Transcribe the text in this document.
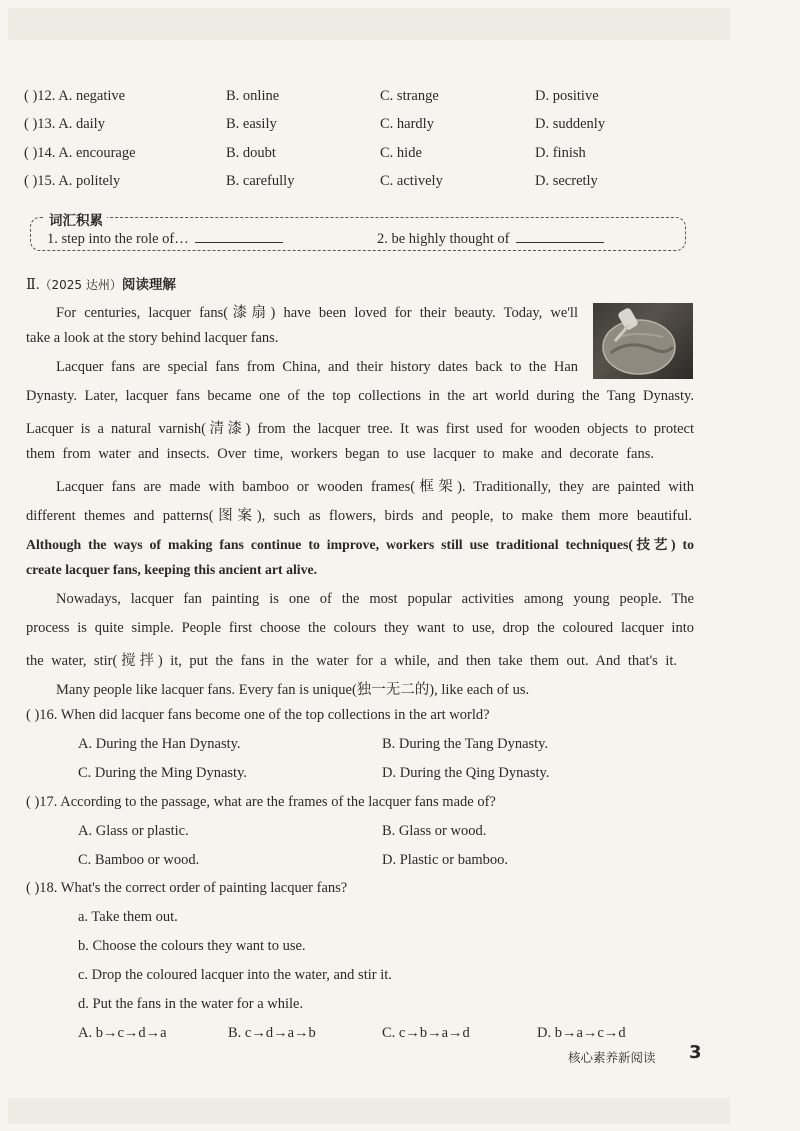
( )12. A. negative	B. online	C. strange	D. positive
( )13. A. daily	B. easily	C. hardly	D. suddenly
( )14. A. encourage	B. doubt	C. hide	D. finish
( )15. A. politely	B. carefully	C. actively	D. secretly
词汇积累
1. step into the role of…	2. be highly thought of
Ⅱ.（2025 达州）阅读理解
For centuries, lacquer fans(漆扇) have been loved for their beauty. Today, we'll
take a look at the story behind lacquer fans.
Lacquer fans are special fans from China, and their history dates back to the Han
Dynasty. Later, lacquer fans became one of the top collections in the art world during the Tang Dynasty.
Lacquer is a natural varnish(清漆) from the lacquer tree. It was first used for wooden objects to protect
them from water and insects. Over time, workers began to use lacquer to make and decorate fans.
Lacquer fans are made with bamboo or wooden frames(框架). Traditionally, they are painted with
different themes and patterns(图案), such as flowers, birds and people, to make them more beautiful.
Although the ways of making fans continue to improve, workers still use traditional techniques(技艺) to
create lacquer fans, keeping this ancient art alive.
Nowadays, lacquer fan painting is one of the most popular activities among young people. The
process is quite simple. People first choose the colours they want to use, drop the coloured lacquer into
the water, stir(搅拌) it, put the fans in the water for a while, and then take them out. And that's it.
Many people like lacquer fans. Every fan is unique(独一无二的), like each of us.
( )16. When did lacquer fans become one of the top collections in the art world?
A. During the Han Dynasty.	B. During the Tang Dynasty.
C. During the Ming Dynasty.	D. During the Qing Dynasty.
( )17. According to the passage, what are the frames of the lacquer fans made of?
A. Glass or plastic.	B. Glass or wood.
C. Bamboo or wood.	D. Plastic or bamboo.
( )18. What's the correct order of painting lacquer fans?
a. Take them out.
b. Choose the colours they want to use.
c. Drop the coloured lacquer into the water, and stir it.
d. Put the fans in the water for a while.
A. b→c→d→a	B. c→d→a→b	C. c→b→a→d	D. b→a→c→d
核心素养新阅读 3
